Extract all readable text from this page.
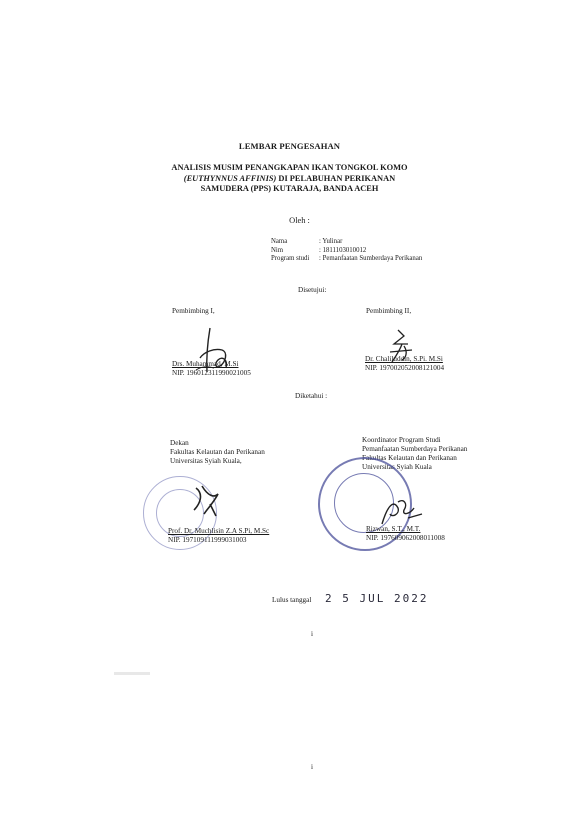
LEMBAR PENGESAHAN
ANALISIS MUSIM PENANGKAPAN IKAN TONGKOL KOMO
(EUTHYNNUS AFFINIS) DI PELABUHAN PERIKANAN
SAMUDERA (PPS) KUTARAJA, BANDA ACEH
Oleh :
Nama	: Yulinar
Nim	: 1811103010012
Program studi	: Pemanfaatan Sumberdaya Perikanan
Disetujui:
Pembimbing I,
Drs. Muhammad, M.Si
NIP. 196012311990021005
Pembimbing II,
Dr. Chaliluddin, S.Pi. M.Si
NIP. 197002052008121004
Diketahui :
Dekan
Fakultas Kelautan dan Perikanan
Universitas Syiah Kuala,
Prof. Dr. Muchlisin Z.A S.Pi, M.Sc
NIP. 197109111999031003
Koordinator Program Studi
Pemanfaatan Sumberdaya Perikanan
Fakultas Kelautan dan Perikanan
Universitas Syiah Kuala
Rizwan, S.T., M.T.
NIP. 197609062008011008
Lulus tanggal 2 5 JUL 2022
i
i
